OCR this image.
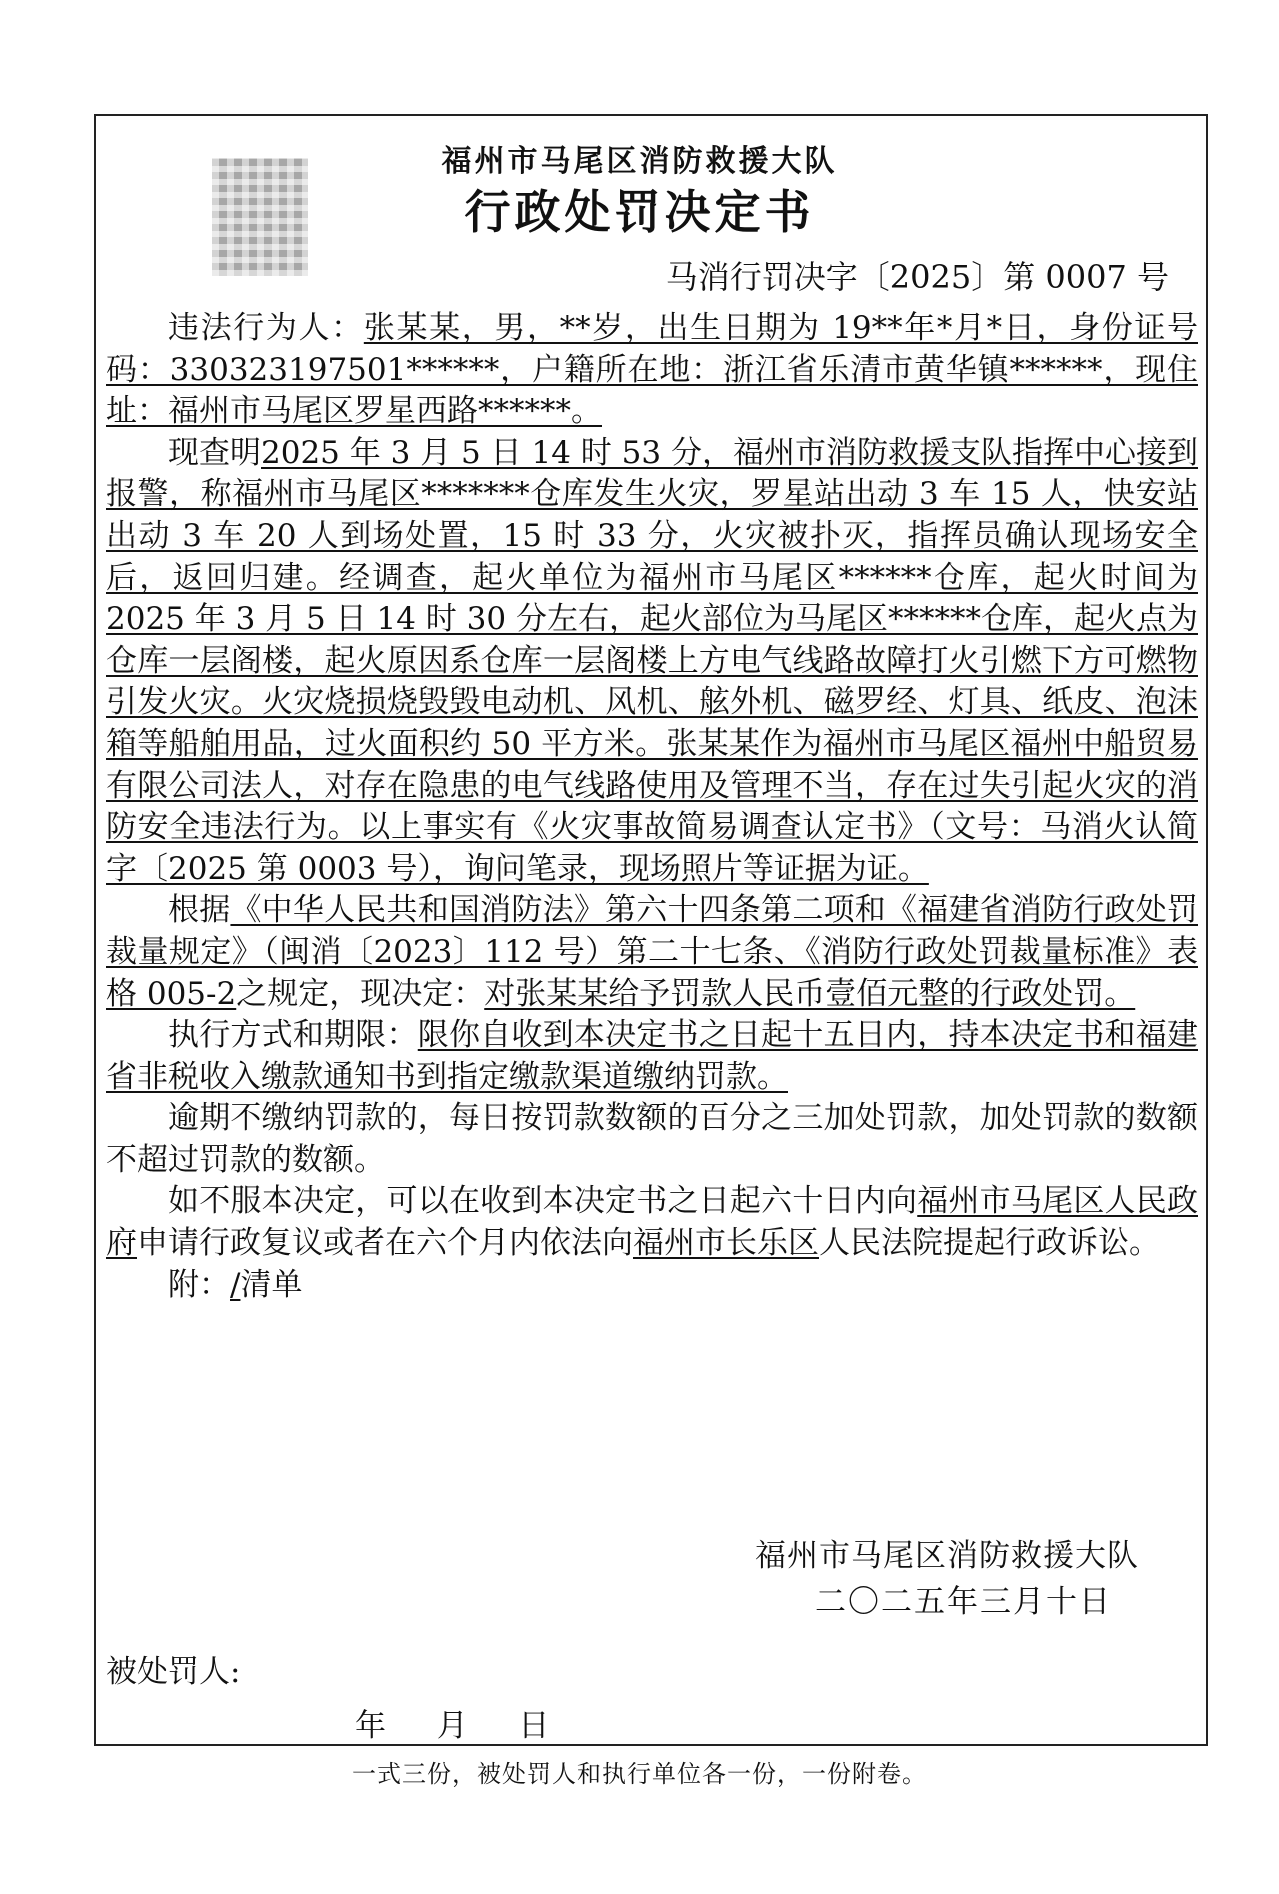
福州市马尾区消防救援大队
行政处罚决定书
马消行罚决字〔2025〕第 0007 号

违法行为人：张某某，男，**岁，出生日期为 19**年*月*日，身份证号码：330323197501******，户籍所在地：浙江省乐清市黄华镇******，现住址：福州市马尾区罗星西路******。

现查明2025 年 3 月 5 日 14 时 53 分，福州市消防救援支队指挥中心接到报警，称福州市马尾区*******仓库发生火灾，罗星站出动 3 车 15 人，快安站出动 3 车 20 人到场处置，15 时 33 分，火灾被扑灭，指挥员确认现场安全后，返回归建。经调查，起火单位为福州市马尾区******仓库，起火时间为 2025 年 3 月 5 日 14 时 30 分左右，起火部位为马尾区******仓库，起火点为仓库一层阁楼，起火原因系仓库一层阁楼上方电气线路故障打火引燃下方可燃物引发火灾。火灾烧损烧毁毁电动机、风机、舷外机、磁罗经、灯具、纸皮、泡沫箱等船舶用品，过火面积约 50 平方米。张某某作为福州市马尾区福州中船贸易有限公司法人，对存在隐患的电气线路使用及管理不当，存在过失引起火灾的消防安全违法行为。以上事实有《火灾事故简易调查认定书》（文号：马消火认简字〔2025 第 0003 号），询问笔录，现场照片等证据为证。

根据《中华人民共和国消防法》第六十四条第二项和《福建省消防行政处罚裁量规定》（闽消〔2023〕112 号）第二十七条、《消防行政处罚裁量标准》表格 005-2之规定，现决定：对张某某给予罚款人民币壹佰元整的行政处罚。

执行方式和期限：限你自收到本决定书之日起十五日内，持本决定书和福建省非税收入缴款通知书到指定缴款渠道缴纳罚款。

逾期不缴纳罚款的，每日按罚款数额的百分之三加处罚款，加处罚款的数额不超过罚款的数额。

如不服本决定，可以在收到本决定书之日起六十日内向福州市马尾区人民政府申请行政复议或者在六个月内依法向福州市长乐区人民法院提起行政诉讼。

附：/清单

福州市马尾区消防救援大队
二〇二五年三月十日
被处罚人:
年 　 月 　 日
一式三份，被处罚人和执行单位各一份，一份附卷。
